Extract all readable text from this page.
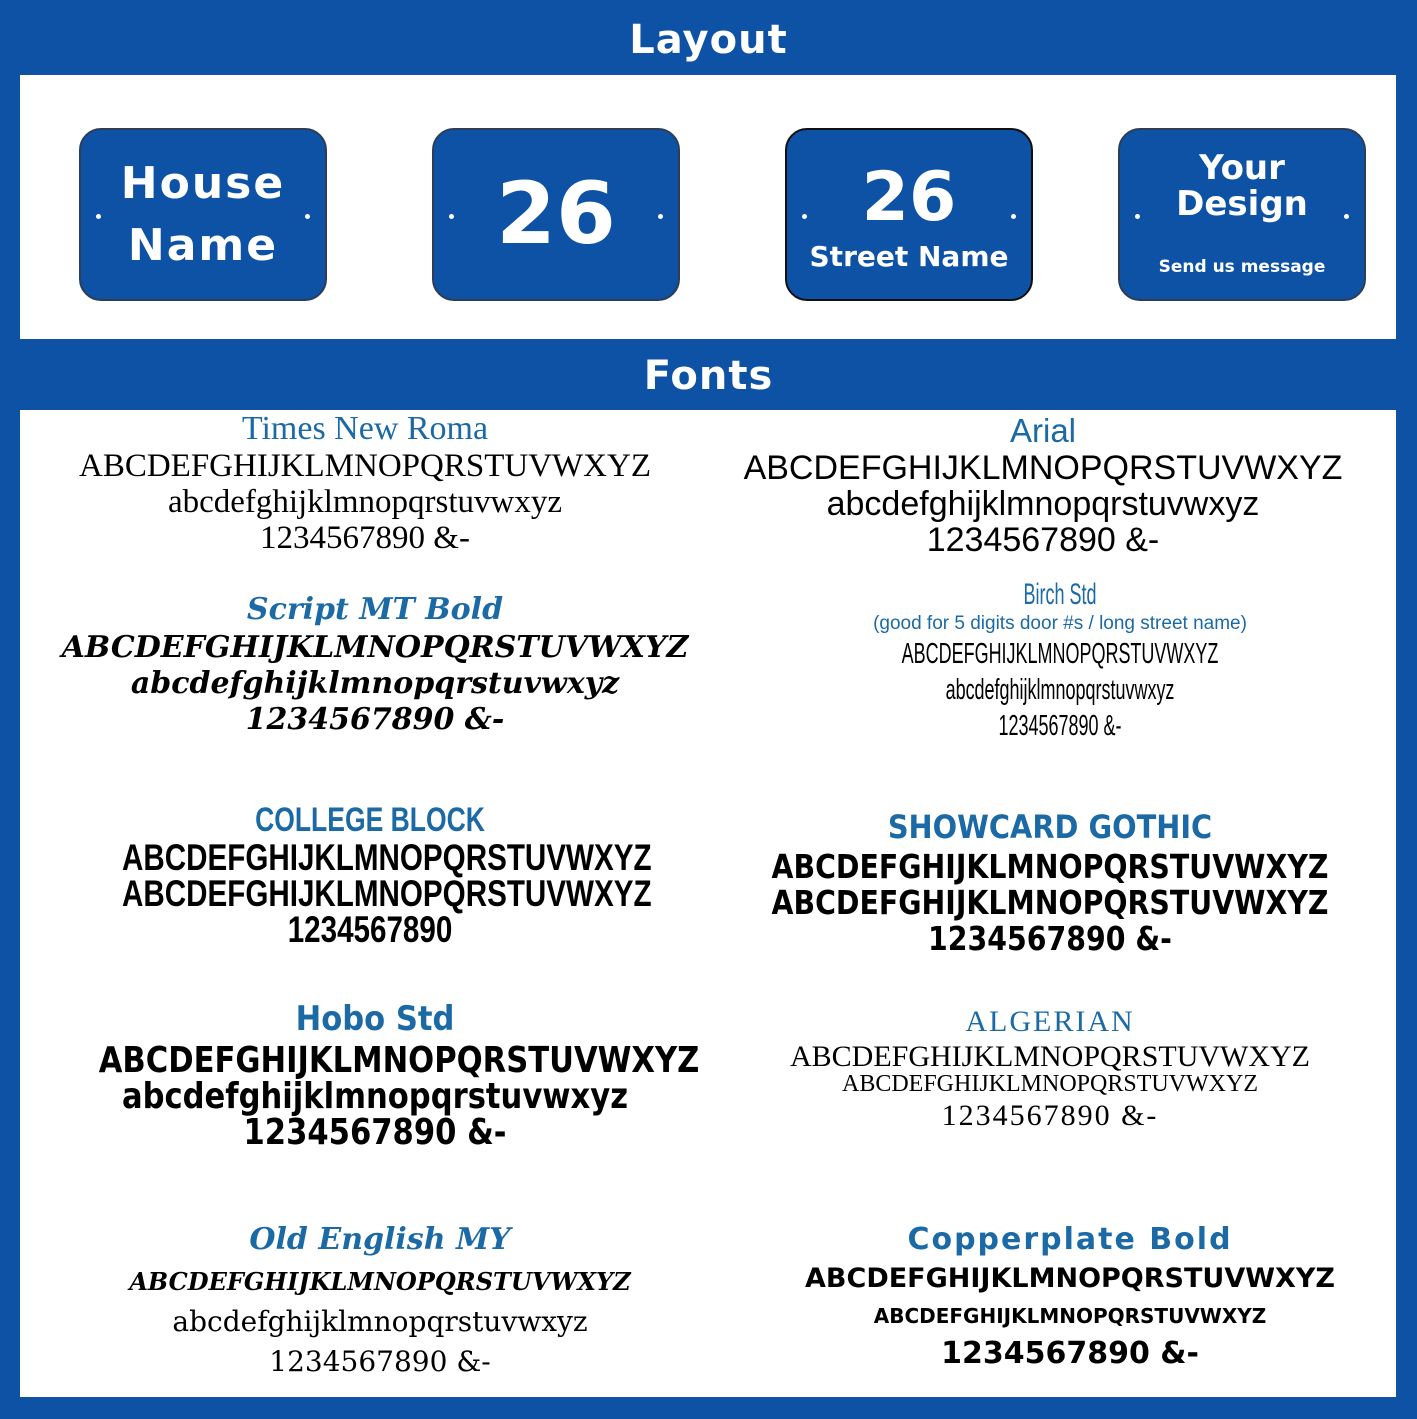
Layout
House
Name	26	26
Street Name
Your
Design
Send us message
Fonts
Times New Roma
ABCDEFGHIJKLMNOPQRSTUVWXYZ
abcdefghijklmnopqrstuvwxyz
1234567890 &-
Arial
ABCDEFGHIJKLMNOPQRSTUVWXYZ
abcdefghijklmnopqrstuvwxyz
1234567890 &-
Script MT Bold
ABCDEFGHIJKLMNOPQRSTUVWXYZ
abcdefghijklmnopqrstuvwxyz
1234567890 &-
Birch Std
(good for 5 digits door #s / long street name)
ABCDEFGHIJKLMNOPQRSTUVWXYZ
abcdefghijklmnopqrstuvwxyz
1234567890 &-
COLLEGE BLOCK
ABCDEFGHIJKLMNOPQRSTUVWXYZ
ABCDEFGHIJKLMNOPQRSTUVWXYZ
1234567890
SHOWCARD GOTHIC
ABCDEFGHIJKLMNOPQRSTUVWXYZ
ABCDEFGHIJKLMNOPQRSTUVWXYZ
1234567890 &-
Hobo Std
ABCDEFGHIJKLMNOPQRSTUVWXYZ
abcdefghijklmnopqrstuvwxyz
1234567890 &-
ALGERIAN
ABCDEFGHIJKLMNOPQRSTUVWXYZ
ABCDEFGHIJKLMNOPQRSTUVWXYZ
1234567890 &-
Old English MY
ABCDEFGHIJKLMNOPQRSTUVWXYZ
abcdefghijklmnopqrstuvwxyz
1234567890 &-
Copperplate Bold
ABCDEFGHIJKLMNOPQRSTUVWXYZ
ABCDEFGHIJKLMNOPQRSTUVWXYZ
1234567890 &-
